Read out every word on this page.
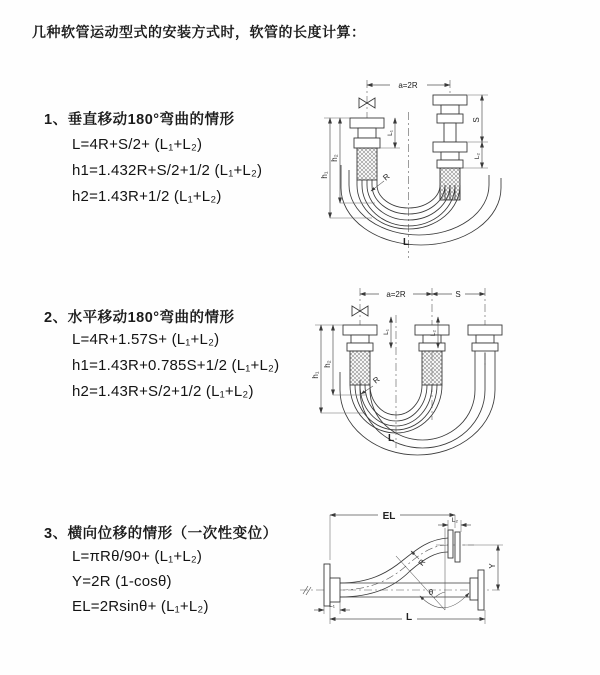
几种软管运动型式的安装方式时，软管的长度计算：
1、垂直移动180°弯曲的情形
L=4R+S/2+ (L₁+L₂)
h1=1.432R+S/2+1/2 (L₁+L₂)
h2=1.43R+1/2 (L₁+L₂)
a=2R
h₁
h₂
L₁
S
L₂
R
L
2、水平移动180°弯曲的情形
L=4R+1.57S+ (L₁+L₂)
h1=1.43R+0.785S+1/2 (L₁+L₂)
h2=1.43R+S/2+1/2 (L₁+L₂)
a=2R	S
h₁
h₂
L₁	L₂
R
L
3、横向位移的情形（一次性变位）
L=πRθ/90+ (L₁+L₂)
Y=2R (1-cosθ)
EL=2Rsinθ+ (L₁+L₂)
θ
R
EL	L₂
Y
L
L₁
